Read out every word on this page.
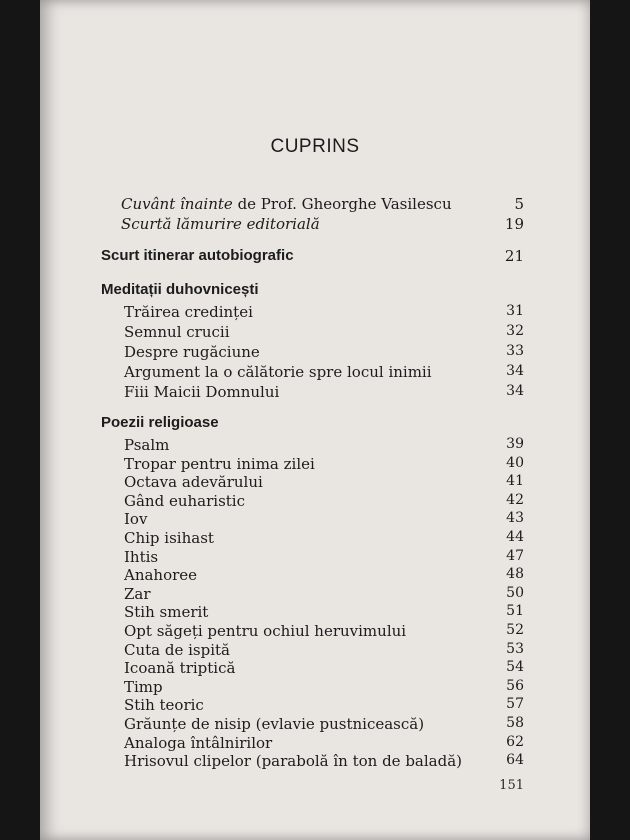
CUPRINS
Cuvânt înainte de Prof. Gheorghe Vasilescu	5
Scurtă lămurire editorială	19
Scurt itinerar autobiografic	21
Meditații duhovnicești
Trăirea credinței	31
Semnul crucii	32
Despre rugăciune	33
Argument la o călătorie spre locul inimii	34
Fiii Maicii Domnului	34
Poezii religioase
Psalm	39
Tropar pentru inima zilei	40
Octava adevărului	41
Gând euharistic	42
Iov	43
Chip isihast	44
Ihtis	47
Anahoree	48
Zar	50
Stih smerit	51
Opt săgeți pentru ochiul heruvimului	52
Cuta de ispită	53
Icoană triptică	54
Timp	56
Stih teoric	57
Grăunțe de nisip (evlavie pustnicească)	58
Analoga întâlnirilor	62
Hrisovul clipelor (parabolă în ton de baladă)	64
151
